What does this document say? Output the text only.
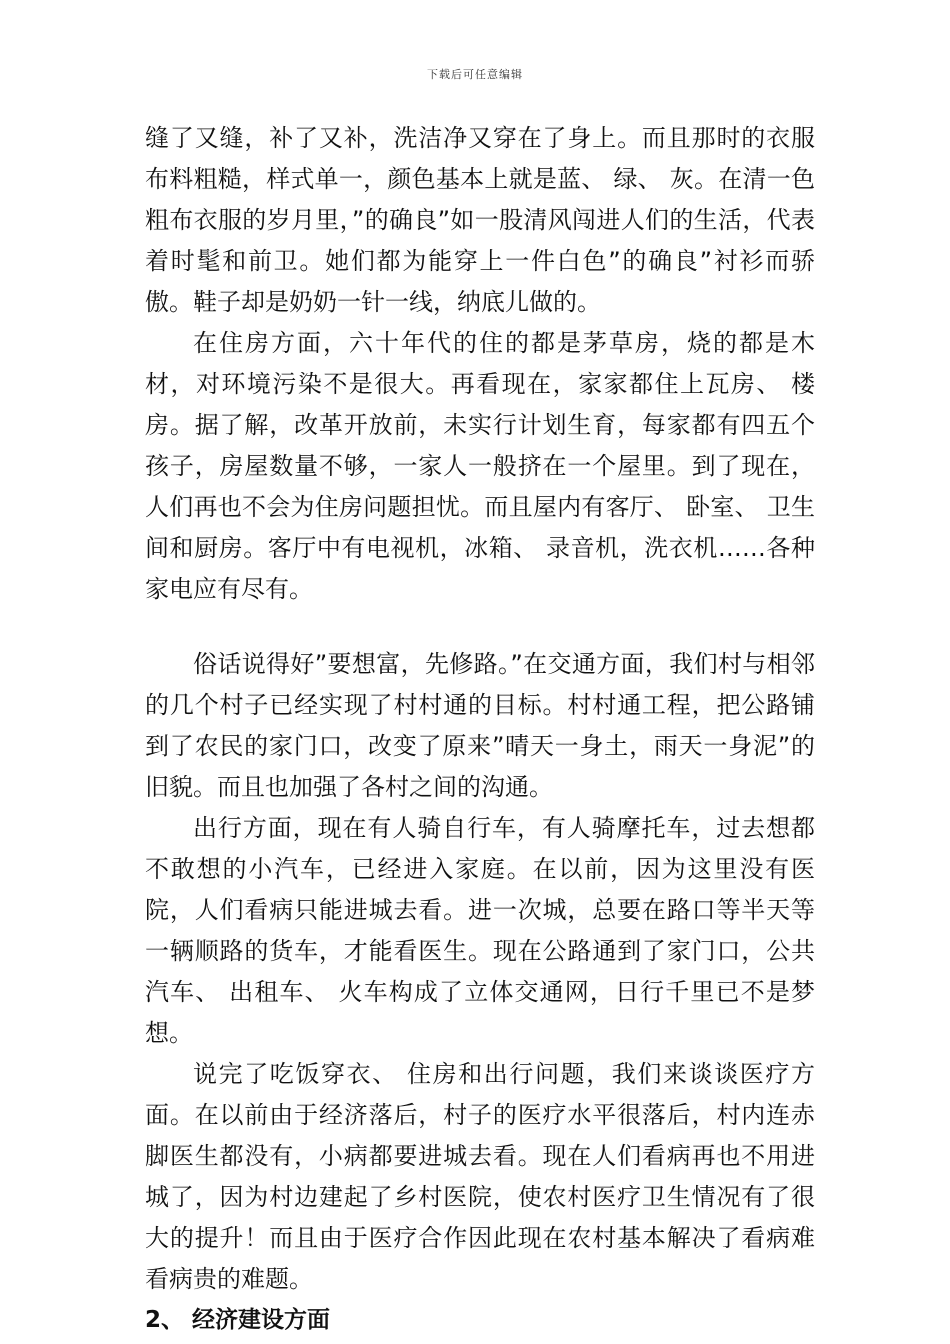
下载后可任意编辑

缝了又缝，补了又补，洗洁净又穿在了身上。而且那时的衣服布料粗糙，样式单一，颜色基本上就是蓝、 绿、 灰。在清一色粗布衣服的岁月里，”的确良”如一股清风闯进人们的生活，代表着时髦和前卫。她们都为能穿上一件白色”的确良”衬衫而骄傲。鞋子却是奶奶一针一线，纳底儿做的。

在住房方面，六十年代的住的都是茅草房，烧的都是木材，对环境污染不是很大。再看现在，家家都住上瓦房、 楼房。据了解，改革开放前，未实行计划生育，每家都有四五个孩子，房屋数量不够，一家人一般挤在一个屋里。到了现在，人们再也不会为住房问题担忧。而且屋内有客厅、 卧室、 卫生间和厨房。客厅中有电视机，冰箱、 录音机，洗衣机……各种家电应有尽有。

俗话说得好”要想富，先修路。”在交通方面，我们村与相邻的几个村子已经实现了村村通的目标。村村通工程，把公路铺到了农民的家门口，改变了原来”晴天一身土，雨天一身泥”的旧貌。而且也加强了各村之间的沟通。

出行方面，现在有人骑自行车，有人骑摩托车，过去想都不敢想的小汽车，已经进入家庭。在以前，因为这里没有医院，人们看病只能进城去看。进一次城，总要在路口等半天等一辆顺路的货车，才能看医生。现在公路通到了家门口，公共汽车、 出租车、 火车构成了立体交通网，日行千里已不是梦想。

说完了吃饭穿衣、 住房和出行问题，我们来谈谈医疗方面。在以前由于经济落后，村子的医疗水平很落后，村内连赤脚医生都没有，小病都要进城去看。现在人们看病再也不用进城了，因为村边建起了乡村医院，使农村医疗卫生情况有了很大的提升！而且由于医疗合作因此现在农村基本解决了看病难看病贵的难题。

2、 经济建设方面
